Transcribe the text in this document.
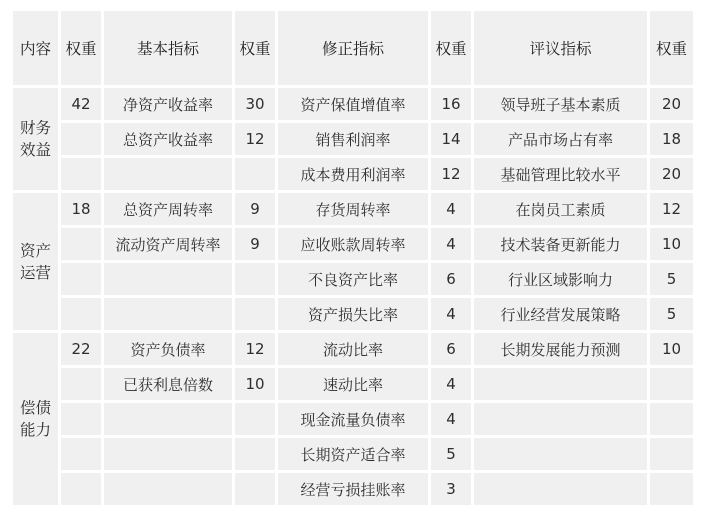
内容	权重	基本指标	权重	修正指标	权重	评议指标	权重

财务
效益	42	净资产收益率	30	资产保值增值率	16	领导班子基本素质	20
		总资产收益率	12	销售利润率	14	产品市场占有率	18
				成本费用利润率	12	基础管理比较水平	20

资产
运营	18	总资产周转率	9	存货周转率	4	在岗员工素质	12
		流动资产周转率	9	应收账款周转率	4	技术装备更新能力	10
				不良资产比率	6	行业区域影响力	5
				资产损失比率	4	行业经营发展策略	5

偿债
能力	22	资产负债率	12	流动比率	6	长期发展能力预测	10
		已获利息倍数	10	速动比率	4		
				现金流量负债率	4		
				长期资产适合率	5		
				经营亏损挂账率	3		
